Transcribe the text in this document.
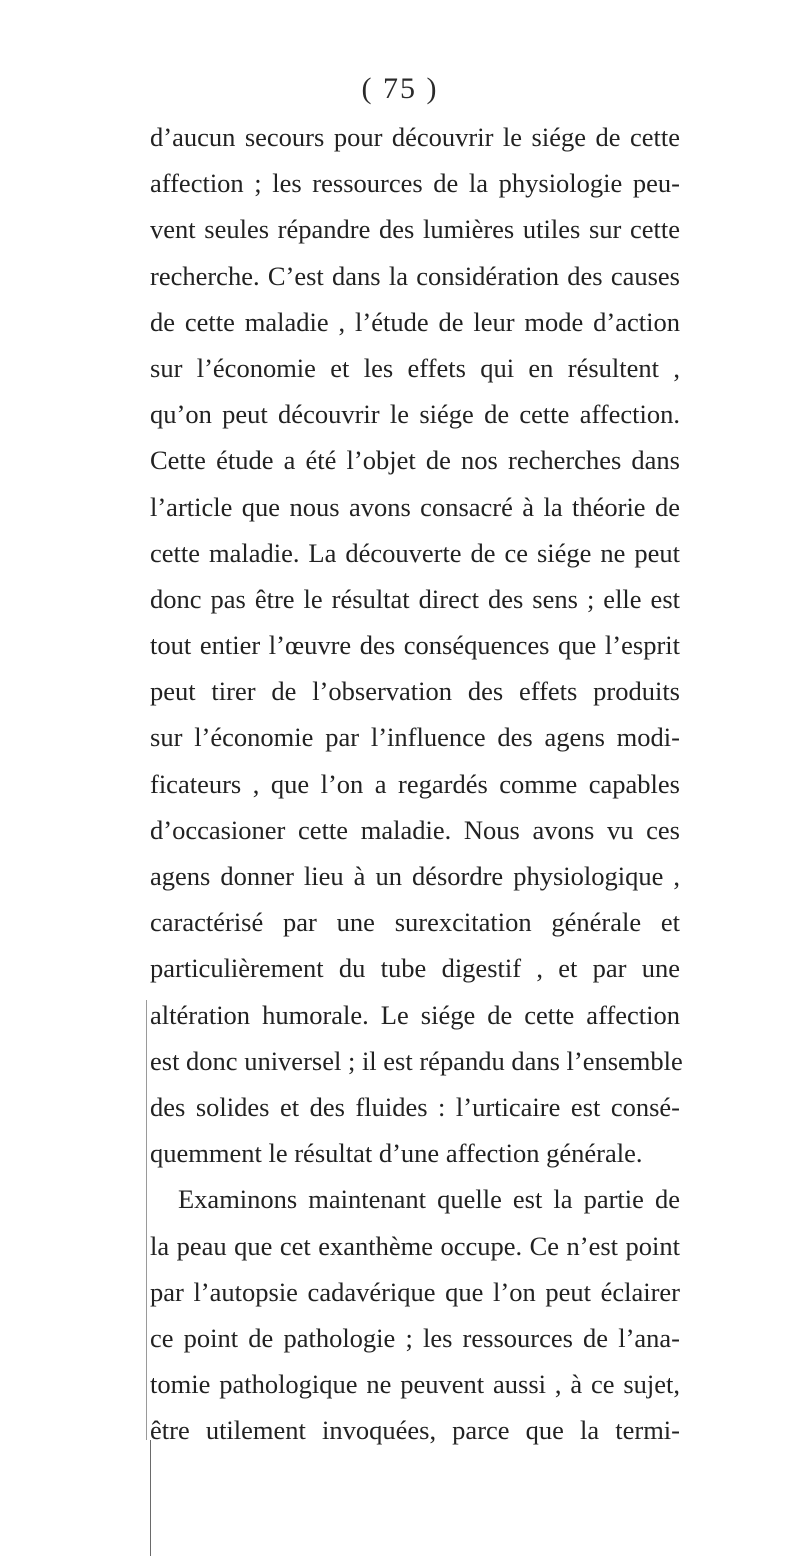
( 75 )
d’aucun secours pour découvrir le siége de cette
affection ; les ressources de la physiologie peu-
vent seules répandre des lumières utiles sur cette
recherche. C’est dans la considération des causes
de cette maladie , l’étude de leur mode d’action
sur l’économie et les effets qui en résultent ,
qu’on peut découvrir le siége de cette affection.
Cette étude a été l’objet de nos recherches dans
l’article que nous avons consacré à la théorie de
cette maladie. La découverte de ce siége ne peut
donc pas être le résultat direct des sens ; elle est
tout entier l’œuvre des conséquences que l’esprit
peut tirer de l’observation des effets produits
sur l’économie par l’influence des agens modi-
ficateurs , que l’on a regardés comme capables
d’occasioner cette maladie. Nous avons vu ces
agens donner lieu à un désordre physiologique ,
caractérisé par une surexcitation générale et
particulièrement du tube digestif , et par une
altération humorale. Le siége de cette affection
est donc universel ; il est répandu dans l’ensemble
des solides et des fluides : l’urticaire est consé-
quemment le résultat d’une affection générale.
Examinons maintenant quelle est la partie de
la peau que cet exanthème occupe. Ce n’est point
par l’autopsie cadavérique que l’on peut éclairer
ce point de pathologie ; les ressources de l’ana-
tomie pathologique ne peuvent aussi , à ce sujet,
être utilement invoquées, parce que la termi-
